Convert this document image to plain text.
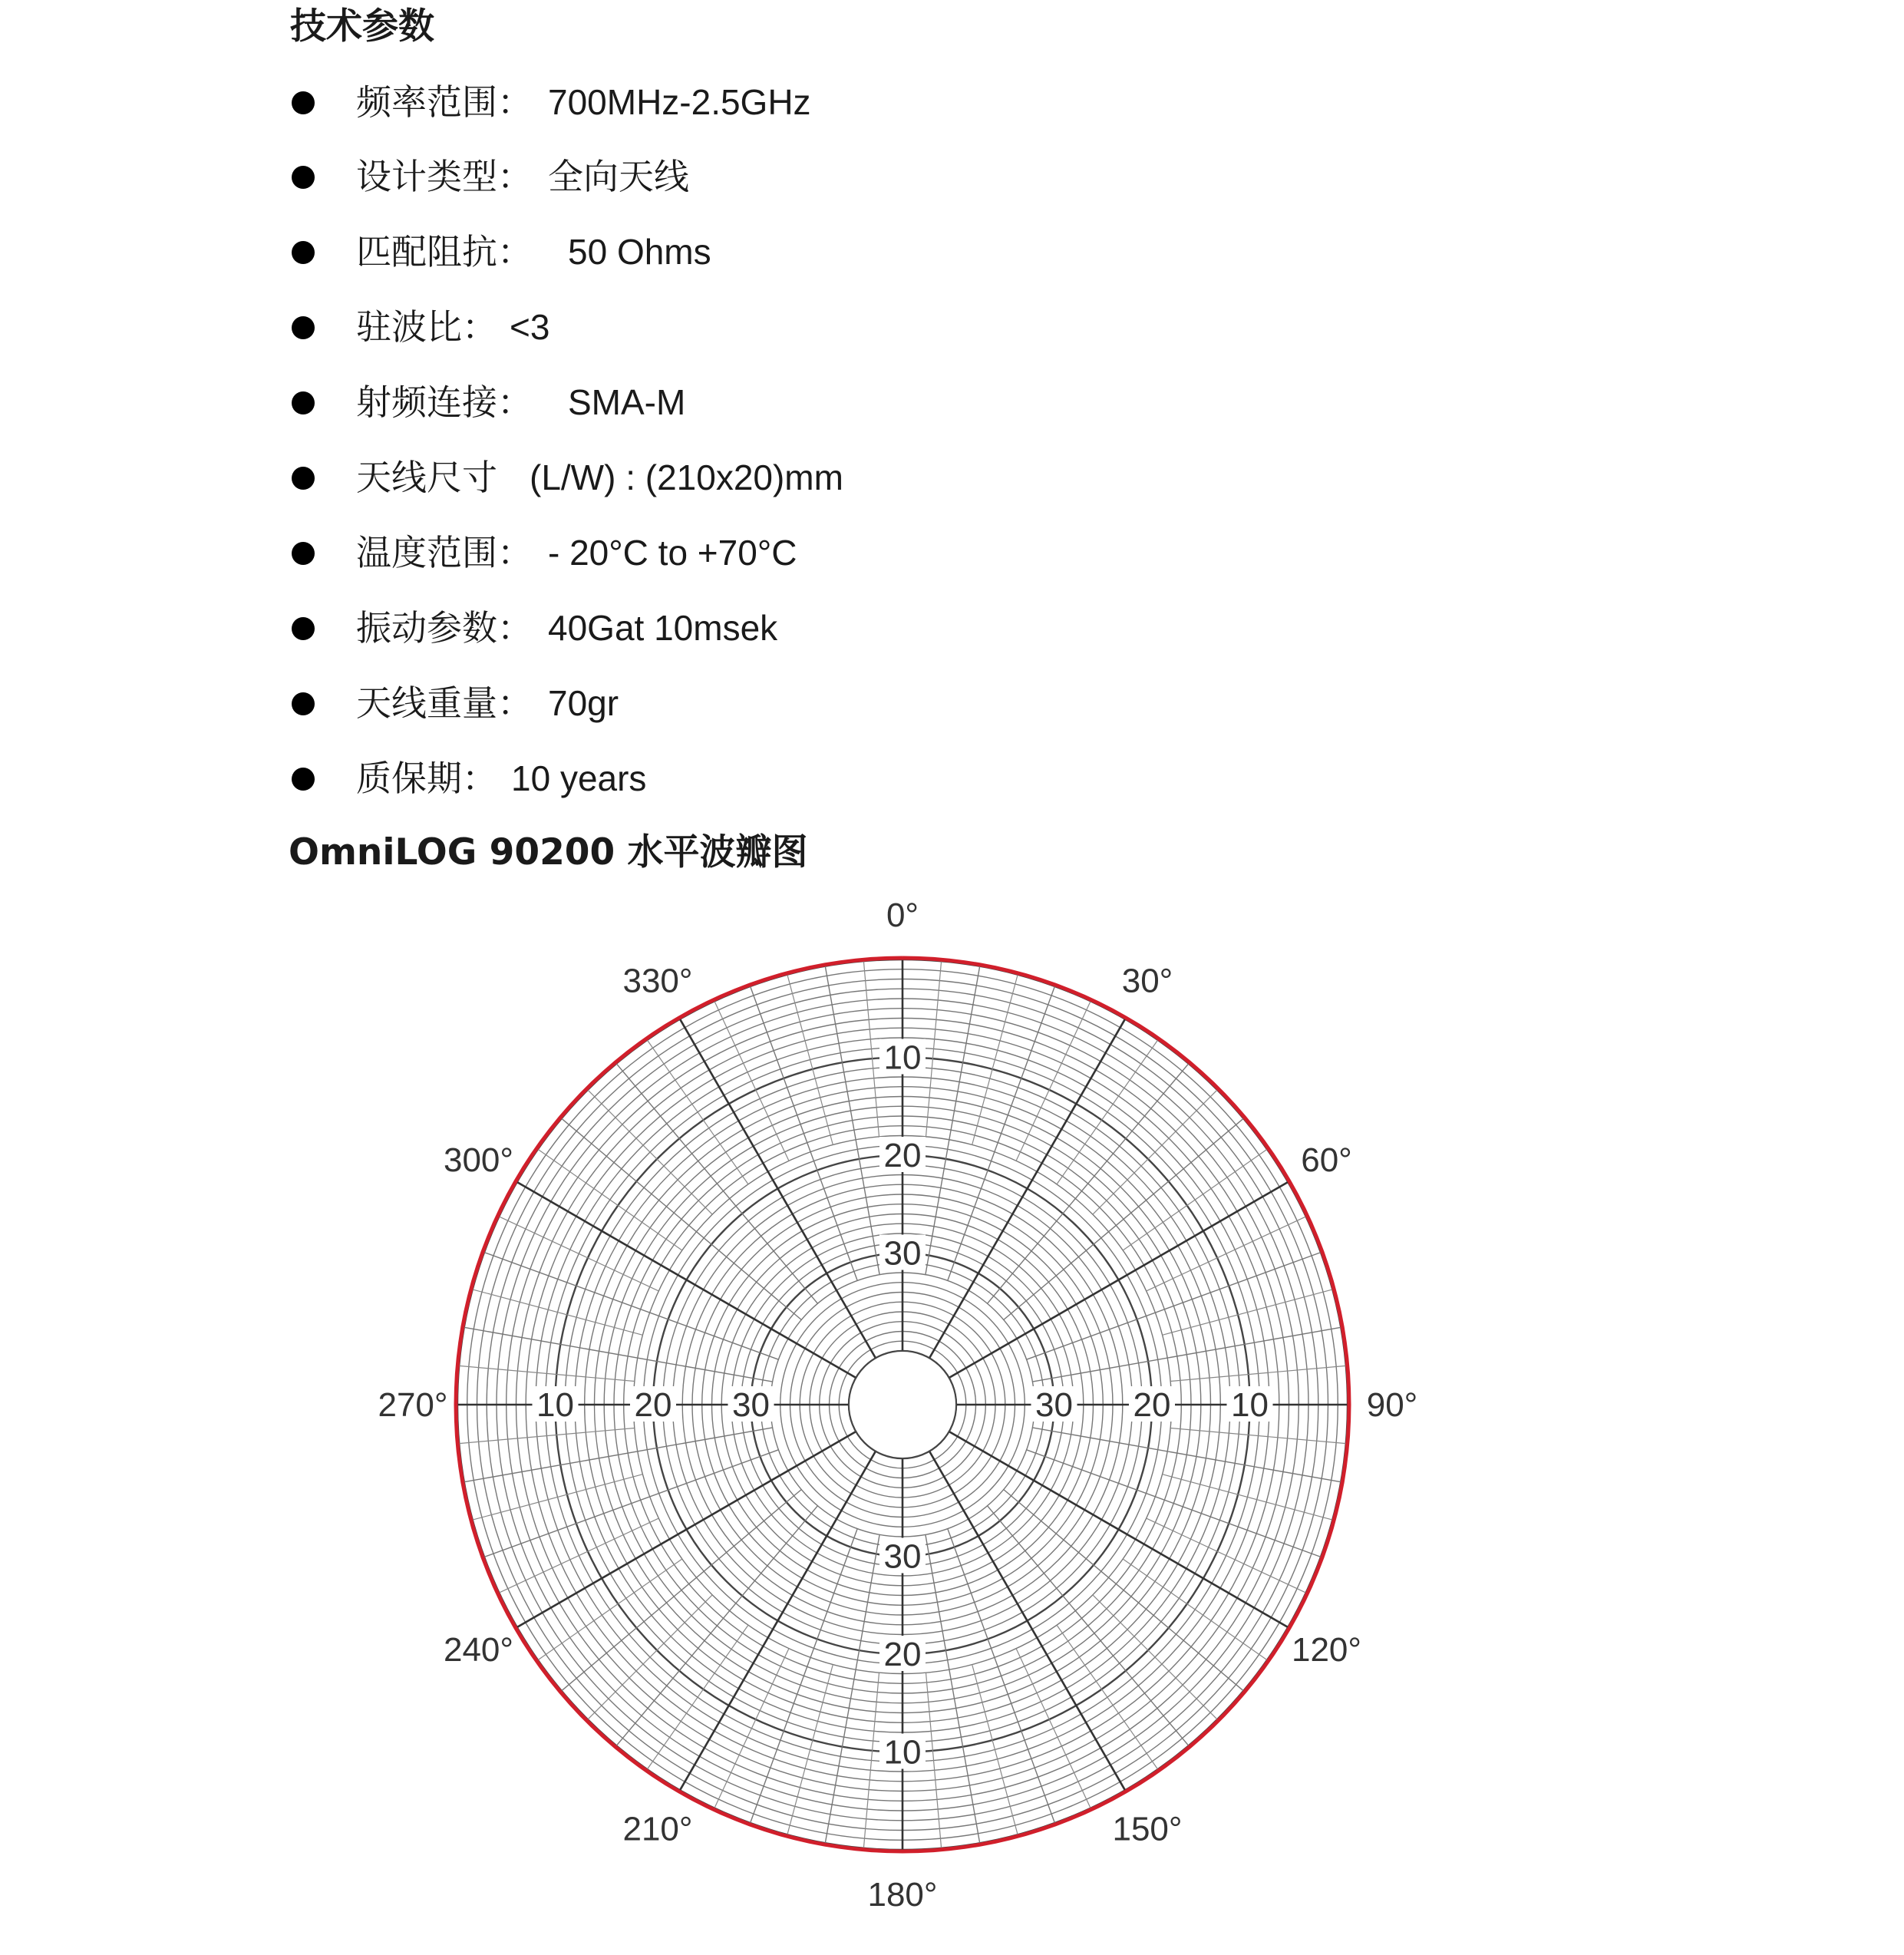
技术参数
频率范围： 700MHz-2.5GHz
设计类型： 全向天线
匹配阻抗： 50 Ohms
驻波比： <3
射频连接： SMA-M
天线尺寸 (L/W) : (210x20)mm
温度范围： - 20°C to +70°C
振动参数： 40Gat 10msek
天线重量： 70gr
质保期： 10 years
OmniLOG 90200 水平波瓣图
10
20
30
10
20
30
10
20
30
10 20 30
0°
30°
60°
90°
120°
150°
180°
210°
240°
270°
300°
330°
